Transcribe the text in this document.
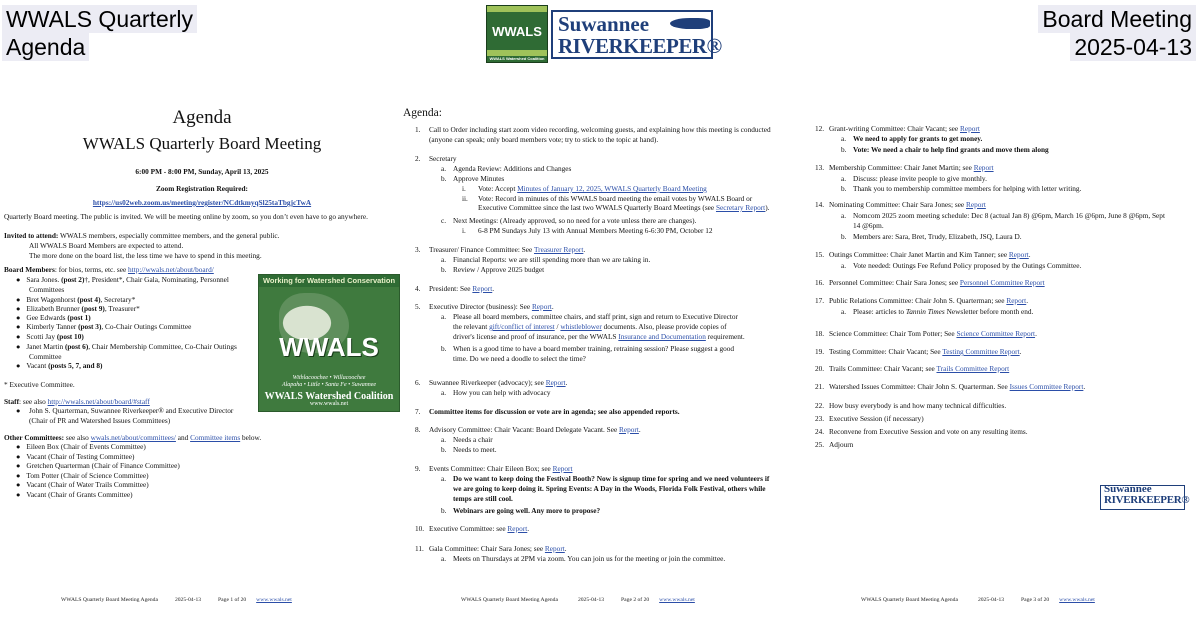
WWALS Quarterly
Agenda
Board Meeting
2025-04-13
WWALS
WWALS Watershed Coalition
Suwannee
RIVERKEEPER®
Agenda
WWALS Quarterly Board Meeting
6:00 PM - 8:00 PM, Sunday, April 13, 2025
Zoom Registration Required:
https://us02web.zoom.us/meeting/register/NCdtkmyqSl25taTbgjcTwA
Quarterly Board meeting. The public is invited. We will be meeting online by zoom, so you don’t even have to go anywhere.
Invited to attend: WWALS members, especially committee members, and the general public.
All WWALS Board Members are expected to attend.
The more done on the board list, the less time we have to spend in this meeting.
Board Members: for bios, terms, etc. see http://wwals.net/about/board/
● Sara Jones. (post 2)†, President*, Chair Gala, Nominating, Personnel
Committees
● Bret Wagenhorst (post 4), Secretary*
● Elizabeth Brunner (post 9), Treasurer*
● Gee Edwards (post 1)
● Kimberly Tanner (post 3), Co-Chair Outings Committee
● Scotti Jay (post 10)
● Janet Martin (post 6), Chair Membership Committee, Co-Chair Outings
Committee
● Vacant (posts 5, 7, and 8)
* Executive Committee.
Staff: see also http://wwals.net/about/board/#staff
● John S. Quarterman, Suwannee Riverkeeper® and Executive Director
(Chair of PR and Watershed Issues Committees)
Other Committees: see also wwals.net/about/committees/ and Committee items below.
● Eileen Box (Chair of Events Committee)
● Vacant (Chair of Testing Committee)
● Gretchen Quarterman (Chair of Finance Committee)
● Tom Potter (Chair of Science Committee)
● Vacant (Chair of Water Trails Committee)
● Vacant (Chair of Grants Committee)
Working for Watershed Conservation
WWALS
Withlacoochee • Willacoochee
Alapaha • Little • Santa Fe • Suwannee
WWALS Watershed Coalition
www.wwals.net
WWALS Quarterly Board Meeting Agenda	2025-04-13	Page 1 of 20 www.wwals.net
Agenda:
1. Call to Order including start zoom video recording, welcoming guests, and explaining how this meeting is conducted
(anyone can speak; only board members vote; try to stick to the topic at hand).
2. Secretary
a. Agenda Review: Additions and Changes
b. Approve Minutes
i. Vote: Accept Minutes of January 12, 2025, WWALS Quarterly Board Meeting
ii. Vote: Record in minutes of this WWALS board meeting the email votes by WWALS Board or
Executive Committee since the last two WWALS Quarterly Board Meetings (see Secretary Report).
c. Next Meetings: (Already approved, so no need for a vote unless there are changes).
i. 6-8 PM Sundays July 13 with Annual Members Meeting 6-6:30 PM, October 12
3. Treasurer/ Finance Committee: See Treasurer Report.
a. Financial Reports: we are still spending more than we are taking in.
b. Review / Approve 2025 budget
4. President: See Report.
5. Executive Director (business): See Report.
a. Please all board members, committee chairs, and staff print, sign and return to Executive Director
the relevant gift/conflict of interest / whistleblower documents. Also, please provide copies of
driver's license and proof of insurance, per the WWALS Insurance and Documentation requirement.
b. When is a good time to have a board member training, retraining session? Please suggest a good
time. Do we need a doodle to select the time?
6. Suwannee Riverkeeper (advocacy); see Report.
a. How you can help with advocacy
7. Committee items for discussion or vote are in agenda; see also appended reports.
8. Advisory Committee: Chair Vacant: Board Delegate Vacant. See Report.
a. Needs a chair
b. Needs to meet.
9. Events Committee: Chair Eileen Box; see Report
a. Do we want to keep doing the Festival Booth? Now is signup time for spring and we need volunteers if
we are going to keep doing it. Spring Events: A Day in the Woods, Florida Folk Festival, others while
temps are still cool.
b. Webinars are going well. Any more to propose?
10. Executive Committee: see Report.
11. Gala Committee: Chair Sara Jones; see Report.
a. Meets on Thursdays at 2PM via zoom. You can join us for the meeting or join the committee.
Suwannee
RIVERKEEPER®
WWALS Quarterly Board Meeting Agenda	2025-04-13	Page 2 of 20 www.wwals.net
12. Grant-writing Committee: Chair Vacant; see Report
a. We need to apply for grants to get money.
b. Vote: We need a chair to help find grants and move them along
13. Membership Committee: Chair Janet Martin; see Report
a. Discuss: please invite people to give monthly.
b. Thank you to membership committee members for helping with letter writing.
14. Nominating Committee: Chair Sara Jones; see Report
a. Nomcom 2025 zoom meeting schedule: Dec 8 (actual Jan 8) @6pm, March 16 @6pm, June 8 @6pm, Sept
14 @6pm.
b. Members are: Sara, Bret, Trudy, Elizabeth, JSQ, Laura D.
15. Outings Committee: Chair Janet Martin and Kim Tanner; see Report.
a. Vote needed: Outings Fee Refund Policy proposed by the Outings Committee.
16. Personnel Committee: Chair Sara Jones; see Personnel Committee Report
17. Public Relations Committee: Chair John S. Quarterman; see Report.
a. Please: articles to Tannin Times Newsletter before month end.
18. Science Committee: Chair Tom Potter; See Science Committee Report.
19. Testing Committee: Chair Vacant; See Testing Committee Report.
20. Trails Committee: Chair Vacant; see Trails Committee Report
21. Watershed Issues Committee: Chair John S. Quarterman. See Issues Committee Report.
22. How busy everybody is and how many technical difficulties.
23. Executive Session (if necessary)
24. Reconvene from Executive Session and vote on any resulting items.
25. Adjourn
WWALS Quarterly Board Meeting Agenda	2025-04-13	Page 3 of 20 www.wwals.net
